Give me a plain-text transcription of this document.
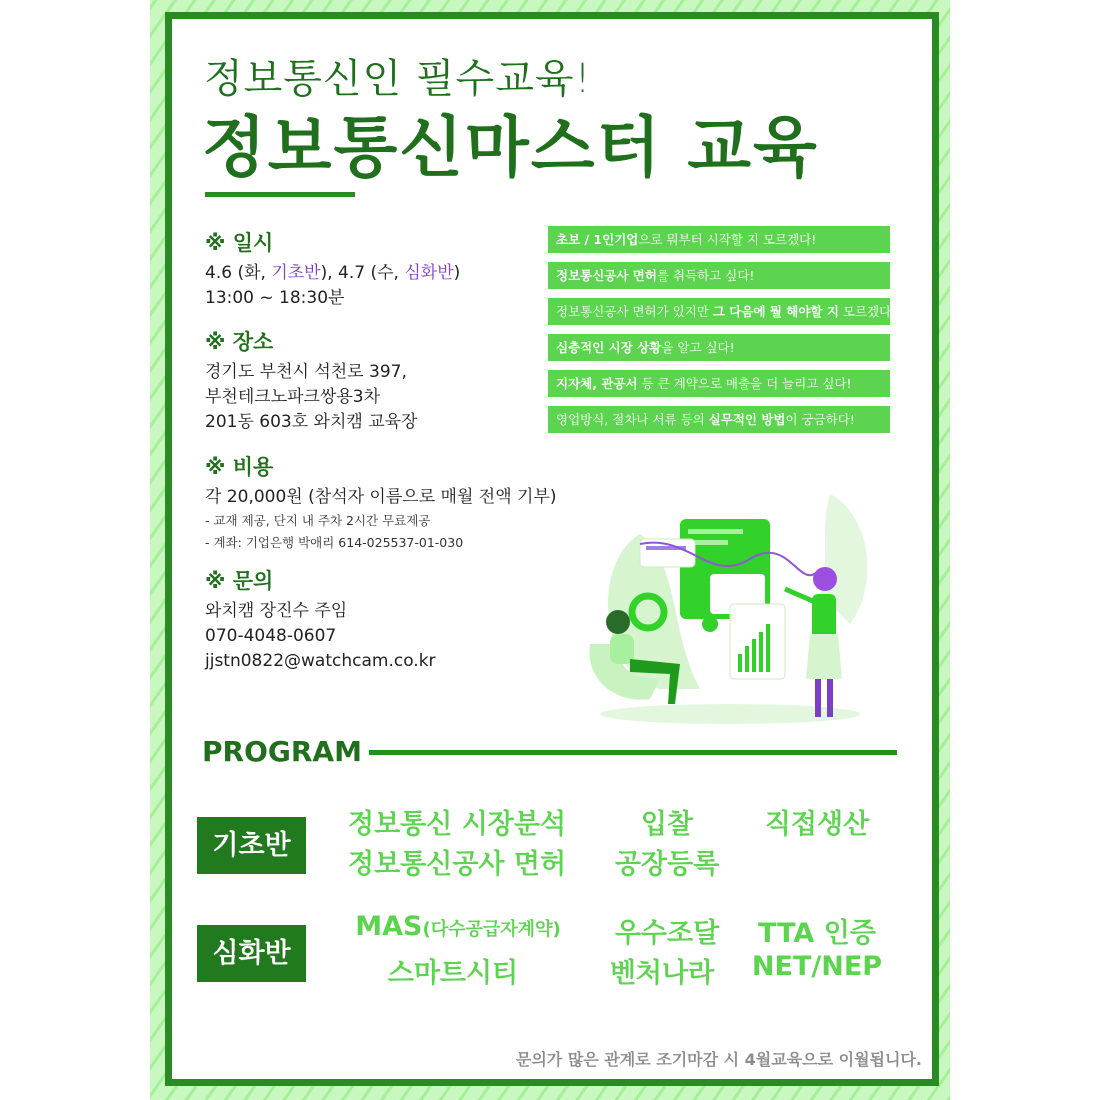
정보통신인 필수교육!
정보통신마스터 교육
※ 일시
4.6 (화, 기초반), 4.7 (수, 심화반)
13:00 ~ 18:30분
※ 장소
경기도 부천시 석천로 397,
부천테크노파크쌍용3차
201동 603호 와치캠 교육장
※ 비용
각 20,000원 (참석자 이름으로 매월 전액 기부)
- 교재 제공, 단지 내 주차 2시간 무료제공
- 계좌: 기업은행 박애리 614-025537-01-030
※ 문의
와치캠 장진수 주임
070-4048-0607
jjstn0822@watchcam.co.kr
초보 / 1인기업으로 뭐부터 시작할 지 모르겠다!
정보통신공사 면허를 취득하고 싶다!
정보통신공사 면허가 있지만 그 다음에 뭘 해야할 지 모르겠다!
심층적인 시장 상황을 알고 싶다!
지자체, 관공서 등 큰 계약으로 매출을 더 늘리고 싶다!
영업방식, 절차나 서류 등의 실무적인 방법이 궁금하다!
PROGRAM
기초반
정보통신 시장분석	입찰	직접생산
정보통신공사 면허	공장등록
심화반
MAS(다수공급자계약)	우수조달	TTA 인증
스마트시티	벤처나라	NET/NEP
문의가 많은 관계로 조기마감 시 4월교육으로 이월됩니다.
